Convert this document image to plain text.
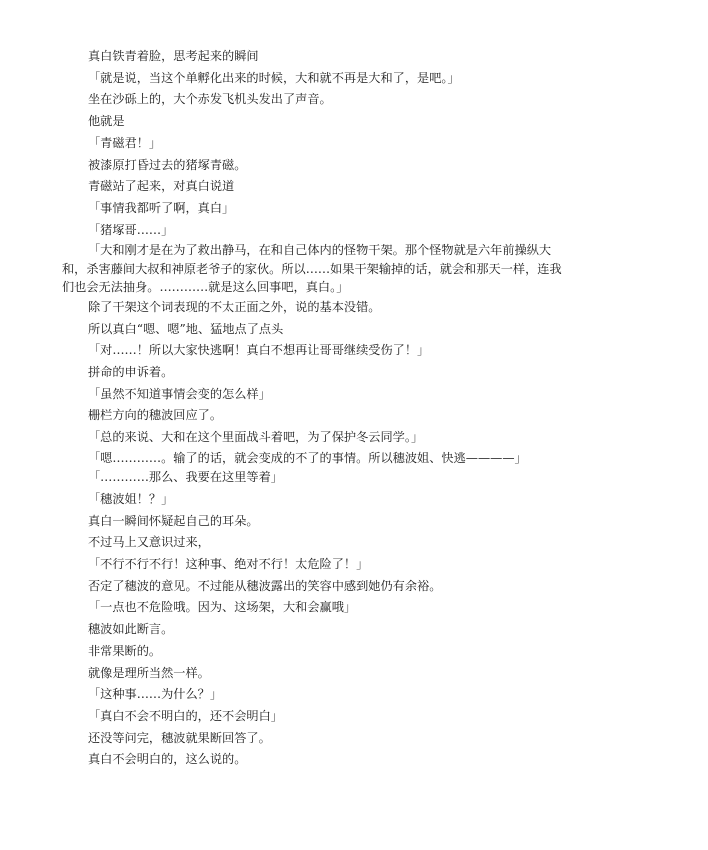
真白铁青着脸，思考起来的瞬间

「就是说，当这个单孵化出来的时候，大和就不再是大和了，是吧。」

坐在沙砾上的，大个赤发飞机头发出了声音。

他就是

「青磁君！」

被漆原打昏过去的猪塚青磁。

青磁站了起来，对真白说道

「事情我都听了啊，真白」

「猪塚哥……」

「大和刚才是在为了救出静马，在和自己体内的怪物干架。那个怪物就是六年前操纵大和，杀害藤间大叔和神原老爷子的家伙。所以……如果干架输掉的话，就会和那天一样，连我们也会无法抽身。…………就是这么回事吧，真白。」

除了干架这个词表现的不太正面之外，说的基本没错。

所以真白“嗯、嗯”地、猛地点了点头

「对……！所以大家快逃啊！真白不想再让哥哥继续受伤了！」

拼命的申诉着。

「虽然不知道事情会变的怎么样」

栅栏方向的穗波回应了。

「总的来说、大和在这个里面战斗着吧，为了保护冬云同学。」

「嗯…………。输了的话，就会变成的不了的事情。所以穗波姐、快逃————」

「…………那么、我要在这里等着」

「穗波姐！？」

真白一瞬间怀疑起自己的耳朵。

不过马上又意识过来，

「不行不行不行！这种事、绝对不行！太危险了！」

否定了穗波的意见。不过能从穗波露出的笑容中感到她仍有余裕。

「一点也不危险哦。因为、这场架，大和会赢哦」

穗波如此断言。

非常果断的。

就像是理所当然一样。

「这种事……为什么？」

「真白不会不明白的，还不会明白」

还没等问完，穗波就果断回答了。

真白不会明白的，这么说的。
